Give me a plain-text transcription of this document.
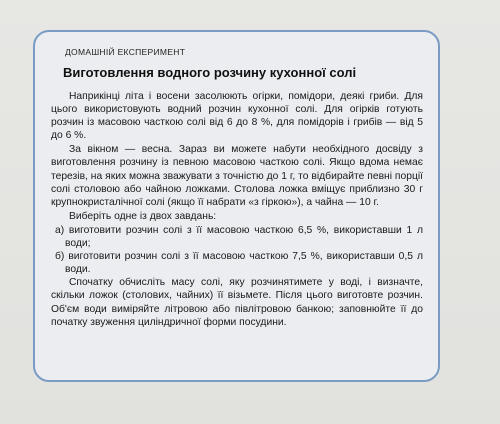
ДОМАШНІЙ ЕКСПЕРИМЕНТ
Виготовлення водного розчину кухонної солі

Наприкінці літа і восени засолюють огірки, помідори, деякі гриби. Для цього використовують водний розчин кухонної солі. Для огірків готують розчин із масовою часткою солі від 6 до 8 %, для помідорів і грибів — від 5 до 6 %.

За вікном — весна. Зараз ви можете набути необхідного досвіду з виготовлення розчину із певною масовою часткою солі. Якщо вдома немає терезів, на яких можна зважувати з точністю до 1 г, то відбирайте певні порції солі столовою або чайною ложками. Столова ложка вміщує приблизно 30 г крупнокристалічної солі (якщо її набрати «з гіркою»), а чайна — 10 г.

Виберіть одне із двох завдань:

а) виготовити розчин солі з її масовою часткою 6,5 %, використавши 1 л води;
б) виготовити розчин солі з її масовою часткою 7,5 %, використавши 0,5 л води.

Спочатку обчисліть масу солі, яку розчинятимете у воді, і визначте, скільки ложок (столових, чайних) її візьмете. Після цього виготовте розчин. Об'єм води виміряйте літровою або півлітровою банкою; заповнюйте її до початку звуження циліндричної форми посудини.
